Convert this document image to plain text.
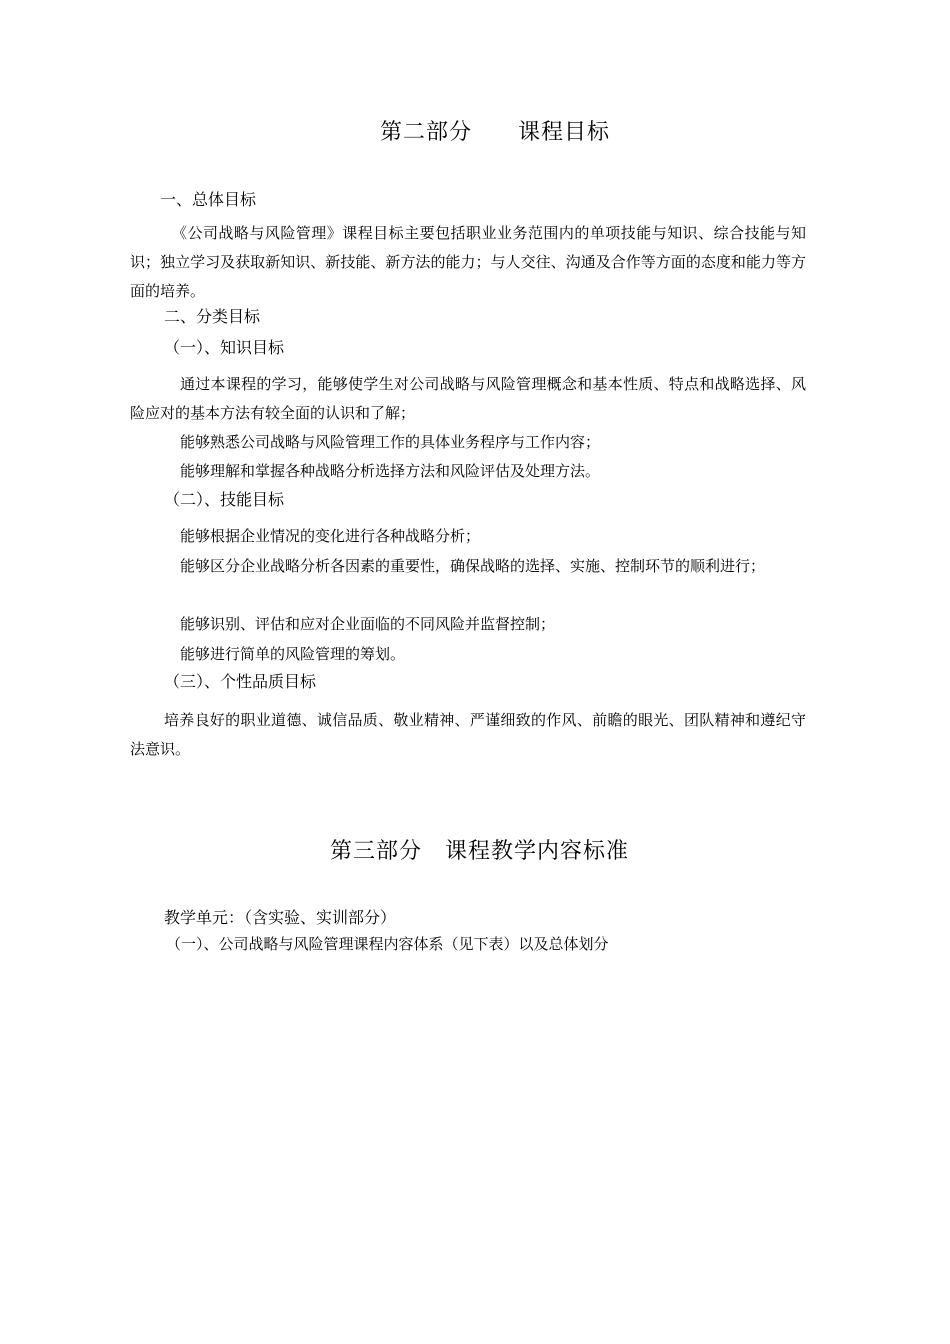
第二部分　　课程目标
一、总体目标

《公司战略与风险管理》课程目标主要包括职业业务范围内的单项技能与知识、综合技能与知识；独立学习及获取新知识、新技能、新方法的能力；与人交往、沟通及合作等方面的态度和能力等方面的培养。

二、分类目标
（一）、知识目标

通过本课程的学习，能够使学生对公司战略与风险管理概念和基本性质、特点和战略选择、风险应对的基本方法有较全面的认识和了解；

能够熟悉公司战略与风险管理工作的具体业务程序与工作内容；

能够理解和掌握各种战略分析选择方法和风险评估及处理方法。

（二）、技能目标

能够根据企业情况的变化进行各种战略分析；

能够区分企业战略分析各因素的重要性，确保战略的选择、实施、控制环节的顺利进行；

能够识别、评估和应对企业面临的不同风险并监督控制；

能够进行简单的风险管理的筹划。

（三）、个性品质目标

培养良好的职业道德、诚信品质、敬业精神、严谨细致的作风、前瞻的眼光、团队精神和遵纪守法意识。

第三部分　课程教学内容标准
教学单元：（含实验、实训部分）

（一）、公司战略与风险管理课程内容体系（见下表）以及总体划分
